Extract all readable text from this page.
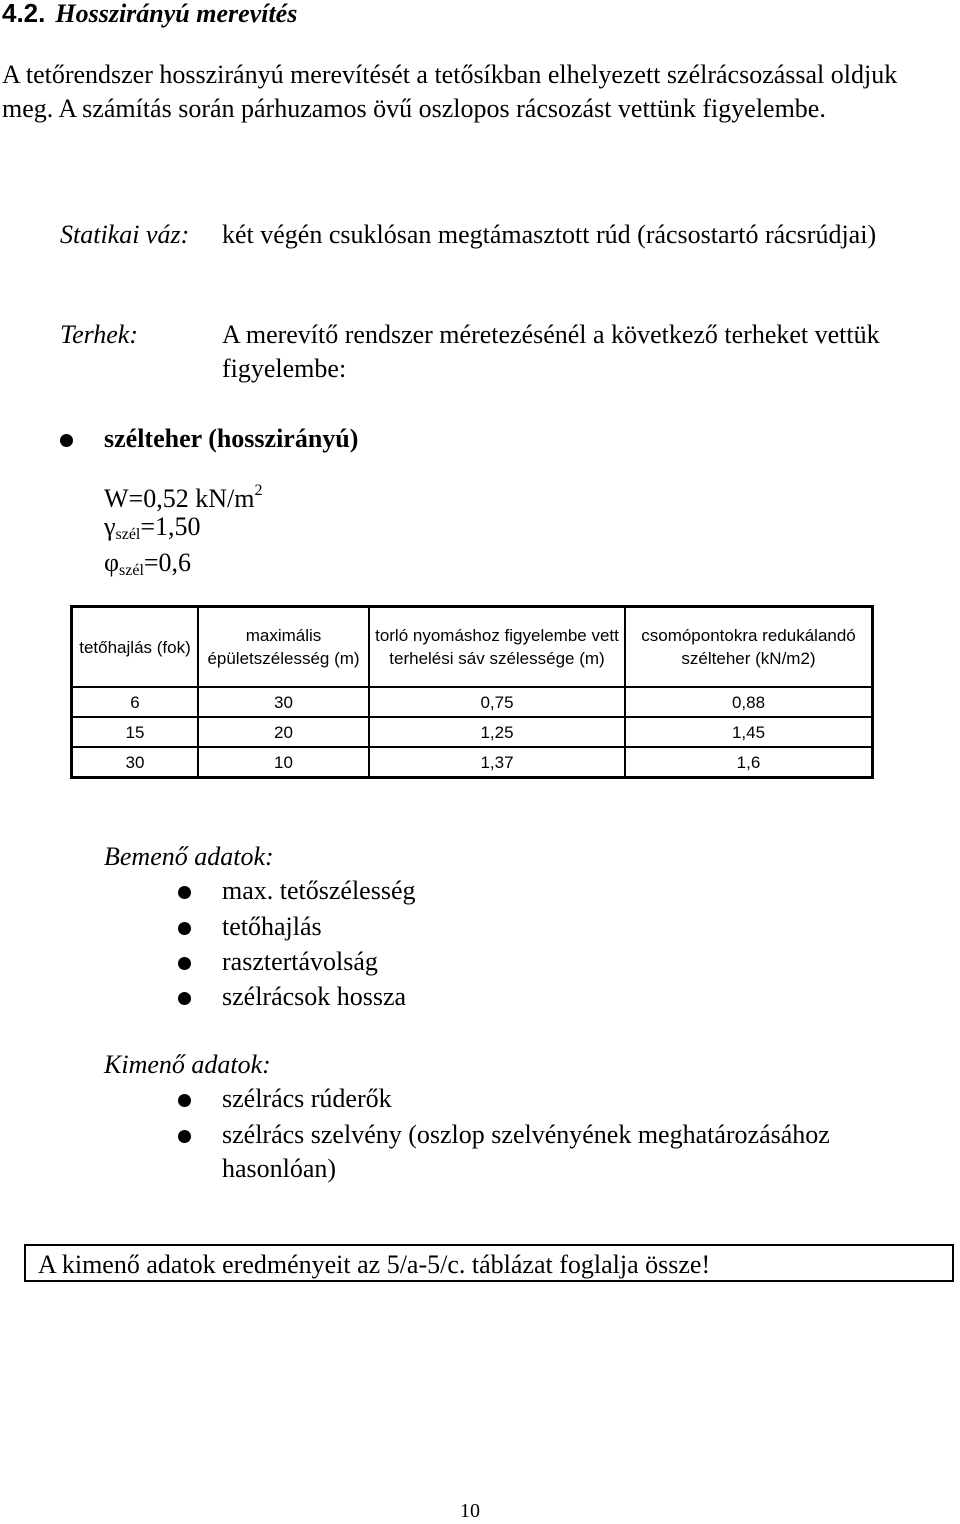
4.2. Hosszirányú merevítés
A tetőrendszer hosszirányú merevítését a tetősíkban elhelyezett szélrácsozással oldjuk meg. A számítás során párhuzamos övű oszlopos rácsozást vettünk figyelembe.
Statikai váz:	két végén csuklósan megtámasztott rúd (rácsostartó rácsrúdjai)
Terhek:	A merevítő rendszer méretezésénél a következő terheket vettük figyelembe:
szélteher (hosszirányú)
W=0,52 $kN/m^2$
$\gamma_{szél}=1,50$
$\varphi_{szél}=0,6$
tetőhajlás (fok)	maximális épületszélesség (m)	torló nyomáshoz figyelembe vett terhelési sáv szélessége (m)	csomópontokra redukálandó szélteher (kN/m2)
6	30	0,75	0,88
15	20	1,25	1,45
30	10	1,37	1,6
Bemenő adatok:
max. tetőszélesség
tetőhajlás
rasztertávolság
szélrácsok hossza
Kimenő adatok:
szélrács rúderők
szélrács szelvény (oszlop szelvényének meghatározásához hasonlóan)
A kimenő adatok eredményeit az 5/a-5/c. táblázat foglalja össze!
10
